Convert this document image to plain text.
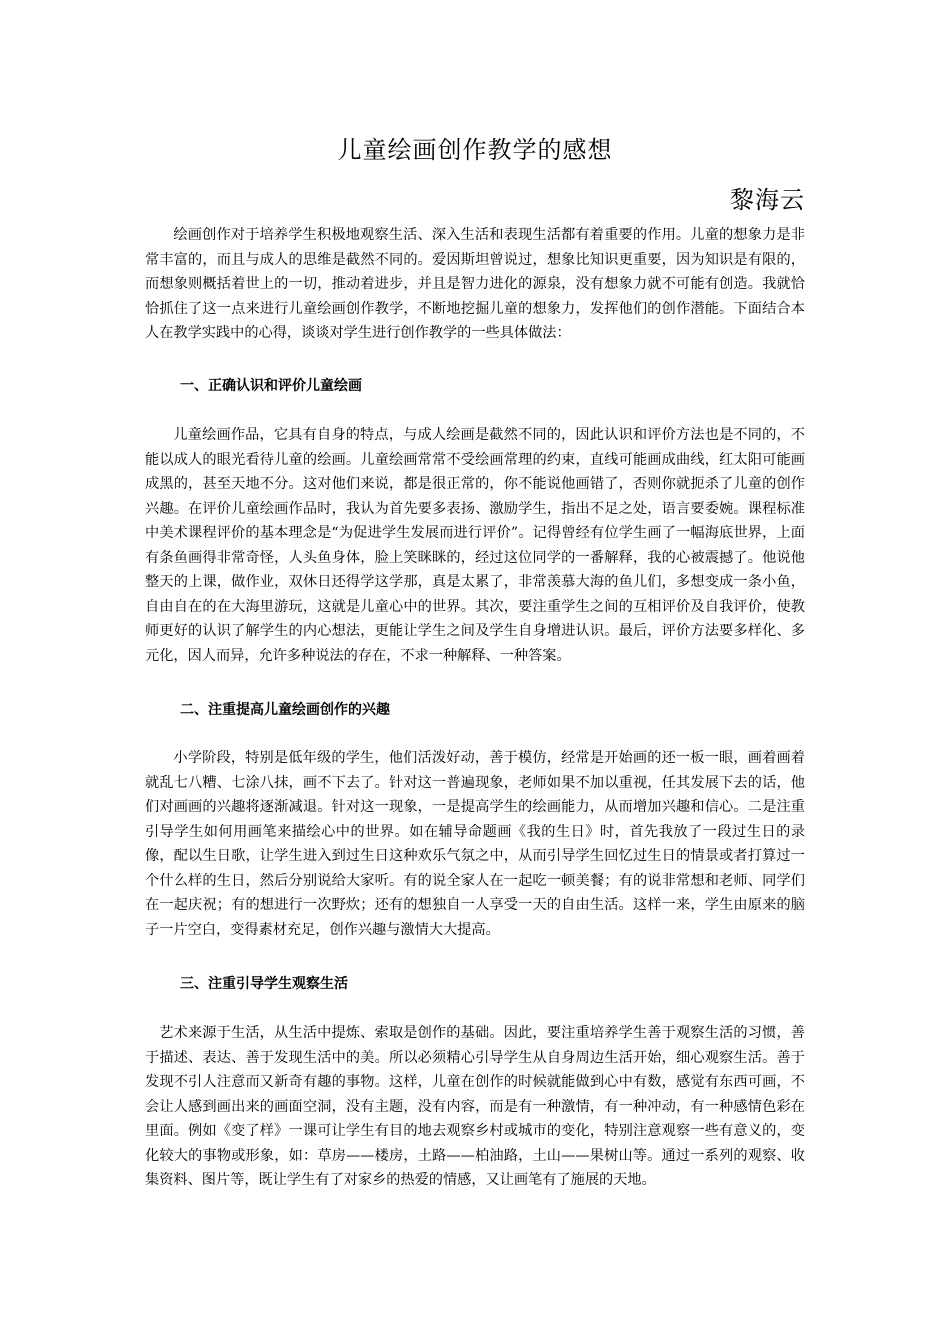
儿童绘画创作教学的感想
黎海云

绘画创作对于培养学生积极地观察生活、深入生活和表现生活都有着重要的作用。儿童的想象力是非常丰富的，而且与成人的思维是截然不同的。爱因斯坦曾说过，想象比知识更重要，因为知识是有限的，而想象则概括着世上的一切，推动着进步，并且是智力进化的源泉，没有想象力就不可能有创造。我就恰恰抓住了这一点来进行儿童绘画创作教学，不断地挖掘儿童的想象力，发挥他们的创作潜能。下面结合本人在教学实践中的心得，谈谈对学生进行创作教学的一些具体做法：

一、正确认识和评价儿童绘画

儿童绘画作品，它具有自身的特点，与成人绘画是截然不同的，因此认识和评价方法也是不同的，不能以成人的眼光看待儿童的绘画。儿童绘画常常不受绘画常理的约束，直线可能画成曲线，红太阳可能画成黑的，甚至天地不分。这对他们来说，都是很正常的，你不能说他画错了，否则你就扼杀了儿童的创作兴趣。在评价儿童绘画作品时，我认为首先要多表扬、激励学生，指出不足之处，语言要委婉。课程标准中美术课程评价的基本理念是“为促进学生发展而进行评价”。记得曾经有位学生画了一幅海底世界，上面有条鱼画得非常奇怪，人头鱼身体，脸上笑眯眯的，经过这位同学的一番解释，我的心被震撼了。他说他整天的上课，做作业，双休日还得学这学那，真是太累了，非常羡慕大海的鱼儿们，多想变成一条小鱼，自由自在的在大海里游玩，这就是儿童心中的世界。其次，要注重学生之间的互相评价及自我评价，使教师更好的认识了解学生的内心想法，更能让学生之间及学生自身增进认识。最后，评价方法要多样化、多元化，因人而异，允许多种说法的存在，不求一种解释、一种答案。

二、注重提高儿童绘画创作的兴趣

小学阶段，特别是低年级的学生，他们活泼好动，善于模仿，经常是开始画的还一板一眼，画着画着就乱七八糟、七涂八抹，画不下去了。针对这一普遍现象，老师如果不加以重视，任其发展下去的话，他们对画画的兴趣将逐渐减退。针对这一现象，一是提高学生的绘画能力，从而增加兴趣和信心。二是注重引导学生如何用画笔来描绘心中的世界。如在辅导命题画《我的生日》时，首先我放了一段过生日的录像，配以生日歌，让学生进入到过生日这种欢乐气氛之中，从而引导学生回忆过生日的情景或者打算过一个什么样的生日，然后分别说给大家听。有的说全家人在一起吃一顿美餐；有的说非常想和老师、同学们在一起庆祝；有的想进行一次野炊；还有的想独自一人享受一天的自由生活。这样一来，学生由原来的脑子一片空白，变得素材充足，创作兴趣与激情大大提高。

三、注重引导学生观察生活

艺术来源于生活，从生活中提炼、索取是创作的基础。因此，要注重培养学生善于观察生活的习惯，善于描述、表达、善于发现生活中的美。所以必须精心引导学生从自身周边生活开始，细心观察生活。善于发现不引人注意而又新奇有趣的事物。这样，儿童在创作的时候就能做到心中有数，感觉有东西可画，不会让人感到画出来的画面空洞，没有主题，没有内容，而是有一种激情，有一种冲动，有一种感情色彩在里面。例如《变了样》一课可让学生有目的地去观察乡村或城市的变化，特别注意观察一些有意义的，变化较大的事物或形象，如：草房——楼房，土路——柏油路，土山——果树山等。通过一系列的观察、收集资料、图片等，既让学生有了对家乡的热爱的情感，又让画笔有了施展的天地。
